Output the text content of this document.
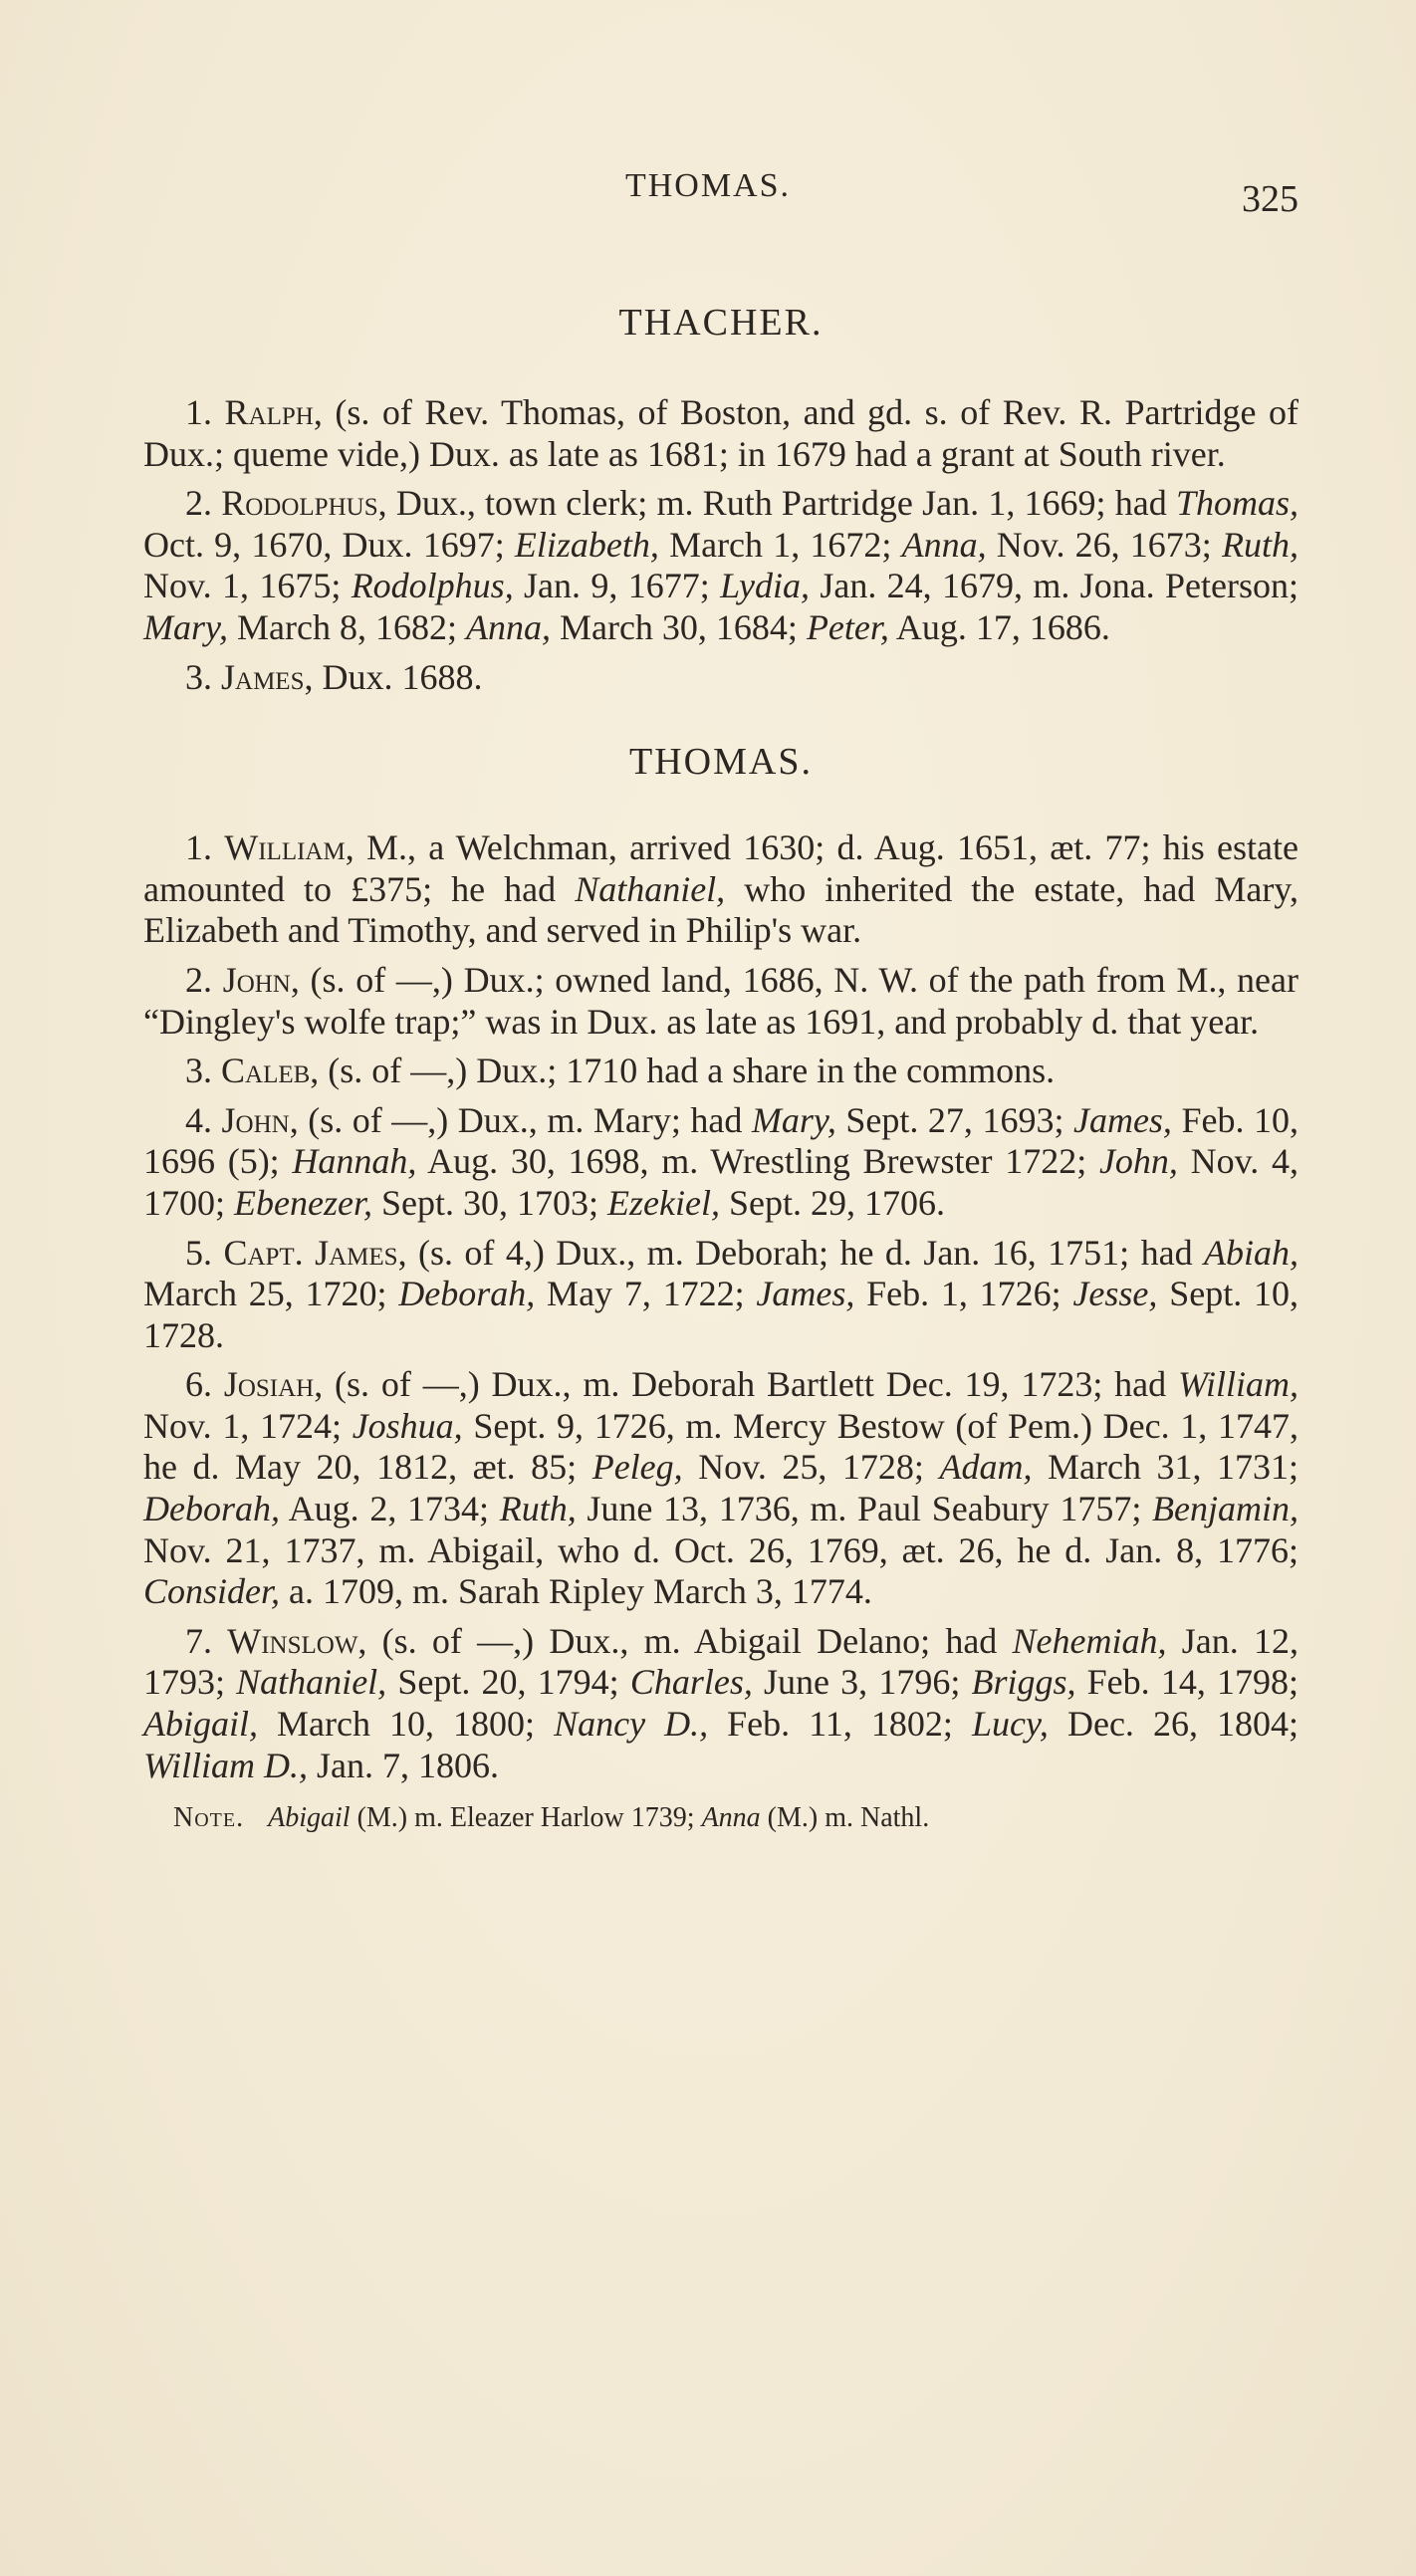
THOMAS.	325
THACHER.

1. Ralph, (s. of Rev. Thomas, of Boston, and gd. s. of Rev. R. Partridge of Dux.; queme vide,) Dux. as late as 1681; in 1679 had a grant at South river.

2. Rodolphus, Dux., town clerk; m. Ruth Partridge Jan. 1, 1669; had Thomas, Oct. 9, 1670, Dux. 1697; Elizabeth, March 1, 1672; Anna, Nov. 26, 1673; Ruth, Nov. 1, 1675; Rodolphus, Jan. 9, 1677; Lydia, Jan. 24, 1679, m. Jona. Peterson; Mary, March 8, 1682; Anna, March 30, 1684; Peter, Aug. 17, 1686.

3. James, Dux. 1688.

THOMAS.

1. William, M., a Welchman, arrived 1630; d. Aug. 1651, æt. 77; his estate amounted to £375; he had Nathaniel, who inherited the estate, had Mary, Elizabeth and Timothy, and served in Philip's war.

2. John, (s. of —,) Dux.; owned land, 1686, N. W. of the path from M., near “Dingley's wolfe trap;” was in Dux. as late as 1691, and probably d. that year.

3. Caleb, (s. of —,) Dux.; 1710 had a share in the commons.

4. John, (s. of —,) Dux., m. Mary; had Mary, Sept. 27, 1693; James, Feb. 10, 1696 (5); Hannah, Aug. 30, 1698, m. Wrestling Brewster 1722; John, Nov. 4, 1700; Ebenezer, Sept. 30, 1703; Ezekiel, Sept. 29, 1706.

5. Capt. James, (s. of 4,) Dux., m. Deborah; he d. Jan. 16, 1751; had Abiah, March 25, 1720; Deborah, May 7, 1722; James, Feb. 1, 1726; Jesse, Sept. 10, 1728.

6. Josiah, (s. of —,) Dux., m. Deborah Bartlett Dec. 19, 1723; had William, Nov. 1, 1724; Joshua, Sept. 9, 1726, m. Mercy Bestow (of Pem.) Dec. 1, 1747, he d. May 20, 1812, æt. 85; Peleg, Nov. 25, 1728; Adam, March 31, 1731; Deborah, Aug. 2, 1734; Ruth, June 13, 1736, m. Paul Seabury 1757; Benjamin, Nov. 21, 1737, m. Abigail, who d. Oct. 26, 1769, æt. 26, he d. Jan. 8, 1776; Consider, a. 1709, m. Sarah Ripley March 3, 1774.

7. Winslow, (s. of —,) Dux., m. Abigail Delano; had Nehemiah, Jan. 12, 1793; Nathaniel, Sept. 20, 1794; Charles, June 3, 1796; Briggs, Feb. 14, 1798; Abigail, March 10, 1800; Nancy D., Feb. 11, 1802; Lucy, Dec. 26, 1804; William D., Jan. 7, 1806.

Note. Abigail (M.) m. Eleazer Harlow 1739; Anna (M.) m. Nathl.
